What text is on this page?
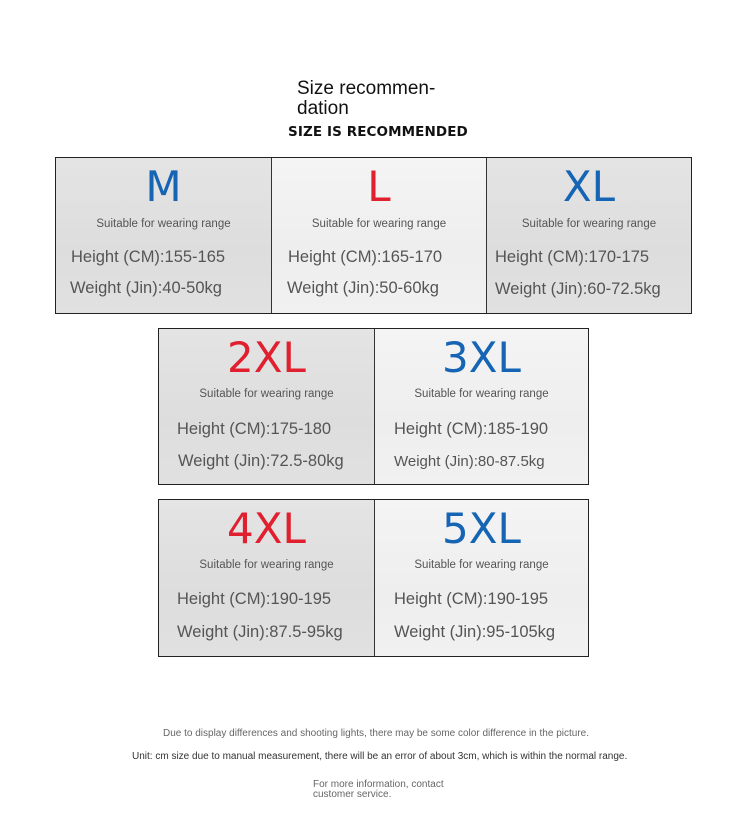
Size recommen-
dation
SIZE IS RECOMMENDED
M
Suitable for wearing range
Height (CM):155-165
Weight (Jin):40-50kg
L
Suitable for wearing range
Height (CM):165-170
Weight (Jin):50-60kg
XL
Suitable for wearing range
Height (CM):170-175
Weight (Jin):60-72.5kg
2XL
Suitable for wearing range
Height (CM):175-180
Weight (Jin):72.5-80kg
3XL
Suitable for wearing range
Height (CM):185-190
Weight (Jin):80-87.5kg
4XL
Suitable for wearing range
Height (CM):190-195
Weight (Jin):87.5-95kg
5XL
Suitable for wearing range
Height (CM):190-195
Weight (Jin):95-105kg
Due to display differences and shooting lights, there may be some color difference in the picture.
Unit: cm size due to manual measurement, there will be an error of about 3cm, which is within the normal range.
For more information, contact customer service.
